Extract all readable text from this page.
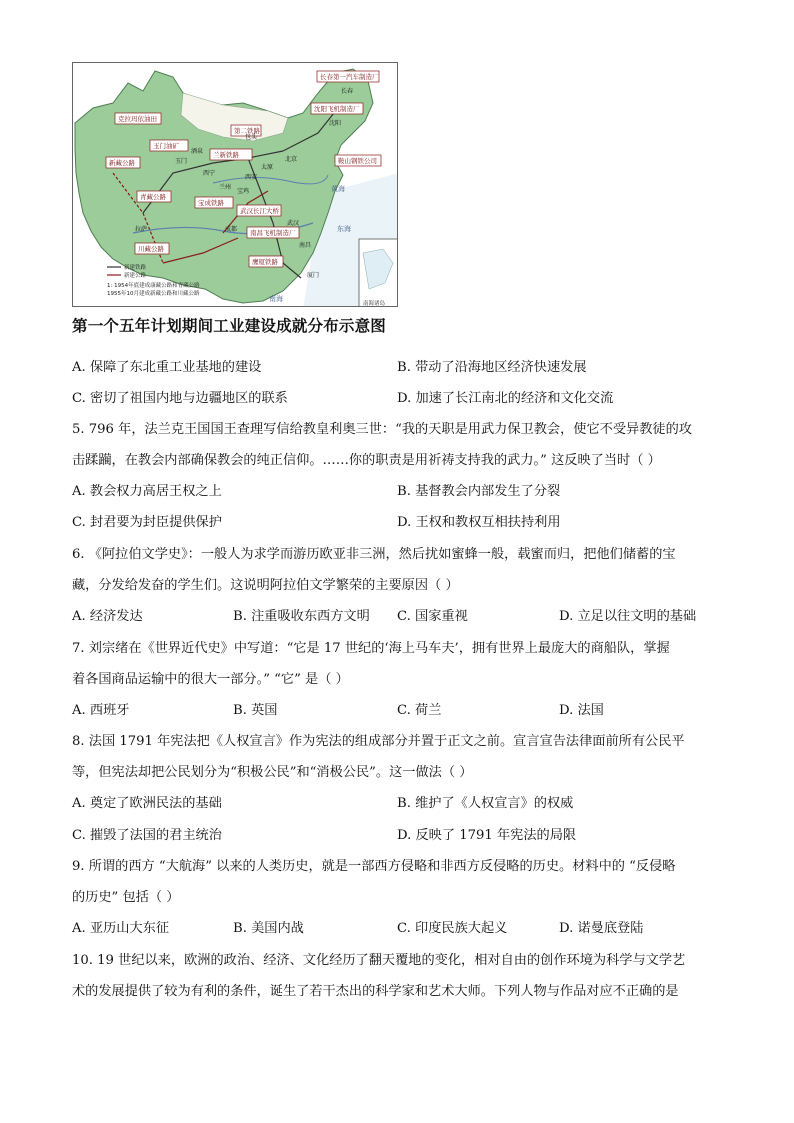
克拉玛依油田
玉门油矿
第二铁路
兰新铁路
新藏公路
青藏公路
川藏公路
宝成铁路
武汉长江大桥
南昌飞机制造厂
鹰厦铁路
长春第一汽车制造厂
沈阳飞机制造厂
鞍山钢铁公司
长春
沈阳
北京
玉门
酒泉
西宁
兰州
宝鸡
成都
武汉
南昌
厦门
拉萨
包头
太原
西安
黄海
东海
南海
南海诸岛
新建铁路
新建公路
1: 1954年底建成康藏公路和青藏公路
1955年10月建成新藏公路和川藏公路
第一个五年计划期间工业建设成就分布示意图
A. 保障了东北重工业基地的建设	B. 带动了沿海地区经济快速发展
C. 密切了祖国内地与边疆地区的联系	D. 加速了长江南北的经济和文化交流
5. 796 年，法兰克王国国王查理写信给教皇利奥三世：“我的天职是用武力保卫教会，使它不受异教徒的攻
击蹂躏，在教会内部确保教会的纯正信仰。……你的职责是用祈祷支持我的武力。” 这反映了当时（ ）
A. 教会权力高居王权之上	B. 基督教会内部发生了分裂
C. 封君要为封臣提供保护	D. 王权和教权互相扶持利用
6. 《阿拉伯文学史》：一般人为求学而游历欧亚非三洲，然后扰如蜜蜂一般，载蜜而归，把他们储蓄的宝
藏，分发给发奋的学生们。这说明阿拉伯文学繁荣的主要原因（ ）
A. 经济发达	B. 注重吸收东西方文明 C. 国家重视	D. 立足以往文明的基础
7. 刘宗绪在《世界近代史》中写道：“它是 17 世纪的‘海上马车夫’，拥有世界上最庞大的商船队，掌握
着各国商品运输中的很大一部分。” “它” 是（ ）
A. 西班牙	B. 英国	C. 荷兰	D. 法国
8. 法国 1791 年宪法把《人权宣言》作为宪法的组成部分并置于正文之前。宣言宣告法律面前所有公民平
等，但宪法却把公民划分为“积极公民”和“消极公民”。这一做法（ ）
A. 奠定了欧洲民法的基础	B. 维护了《人权宣言》的权威
C. 摧毁了法国的君主统治	D. 反映了 1791 年宪法的局限
9. 所谓的西方 “大航海” 以来的人类历史，就是一部西方侵略和非西方反侵略的历史。材料中的 “反侵略
的历史” 包括（ ）
A. 亚历山大东征	B. 美国内战	C. 印度民族大起义	D. 诺曼底登陆
10. 19 世纪以来，欧洲的政治、经济、文化经历了翻天覆地的变化，相对自由的创作环境为科学与文学艺
术的发展提供了较为有利的条件，诞生了若干杰出的科学家和艺术大师。下列人物与作品对应不正确的是
